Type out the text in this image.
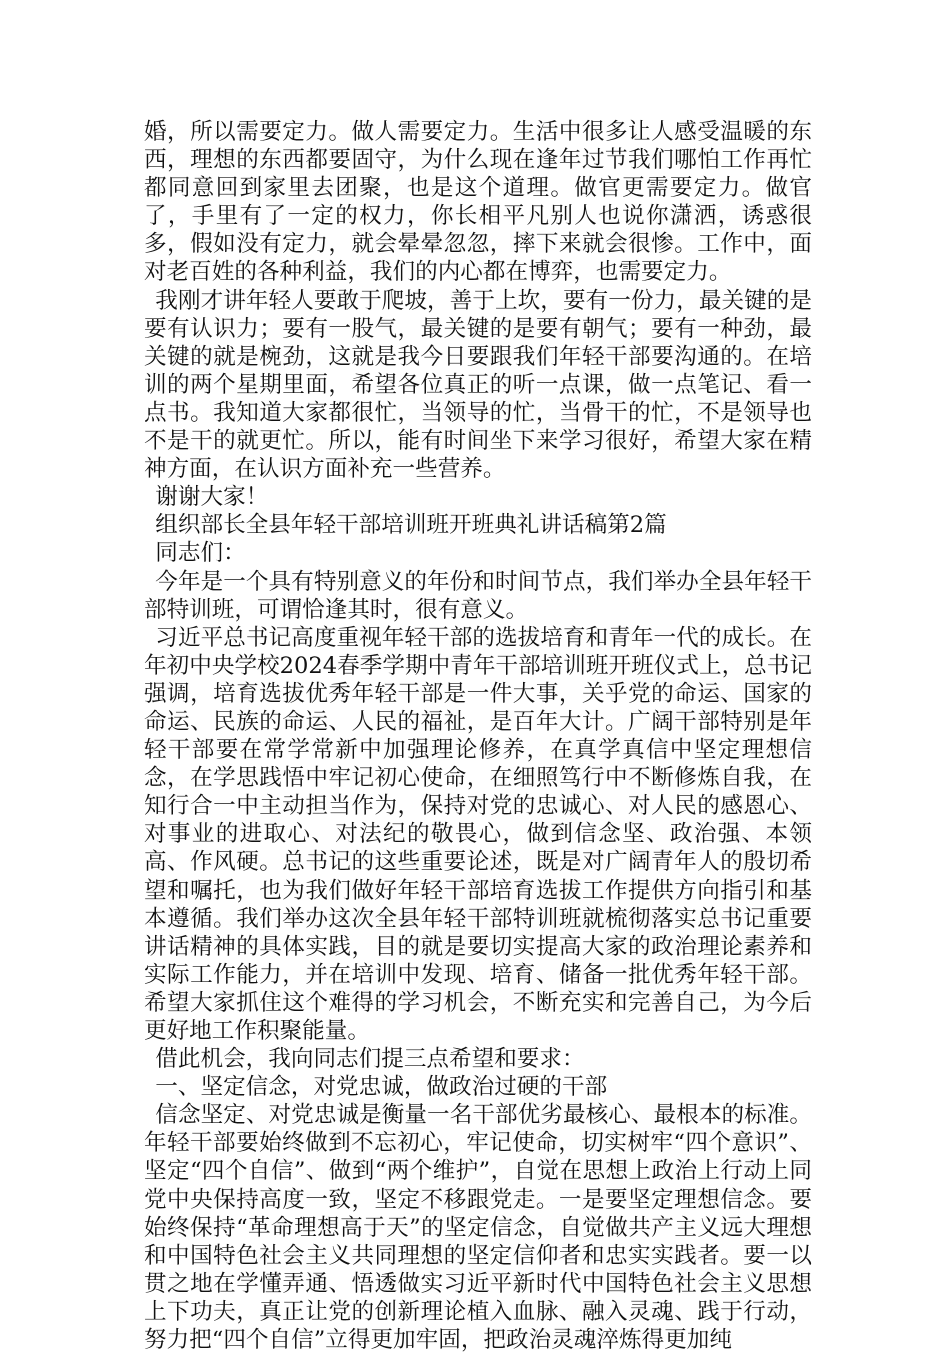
婚，所以需要定力。做人需要定力。生活中很多让人感受温暖的东西，理想的东西都要固守，为什么现在逢年过节我们哪怕工作再忙都同意回到家里去团聚，也是这个道理。做官更需要定力。做官了，手里有了一定的权力，你长相平凡别人也说你潇洒，诱惑很多，假如没有定力，就会晕晕忽忽，摔下来就会很惨。工作中，面对老百姓的各种利益，我们的内心都在博弈，也需要定力。

我刚才讲年轻人要敢于爬坡，善于上坎，要有一份力，最关键的是要有认识力；要有一股气，最关键的是要有朝气；要有一种劲，最关键的就是椀劲，这就是我今日要跟我们年轻干部要沟通的。在培训的两个星期里面，希望各位真正的听一点课，做一点笔记、看一点书。我知道大家都很忙，当领导的忙，当骨干的忙，不是领导也不是干的就更忙。所以，能有时间坐下来学习很好，希望大家在精神方面，在认识方面补充一些营养。

谢谢大家！

组织部长全县年轻干部培训班开班典礼讲话稿第2篇

同志们：

今年是一个具有特别意义的年份和时间节点，我们举办全县年轻干部特训班，可谓恰逢其时，很有意义。

习近平总书记高度重视年轻干部的选拔培育和青年一代的成长。在年初中央学校2024春季学期中青年干部培训班开班仪式上，总书记强调，培育选拔优秀年轻干部是一件大事，关乎党的命运、国家的命运、民族的命运、人民的福祉，是百年大计。广阔干部特别是年轻干部要在常学常新中加强理论修养，在真学真信中坚定理想信念，在学思践悟中牢记初心使命，在细照笃行中不断修炼自我，在知行合一中主动担当作为，保持对党的忠诚心、对人民的感恩心、对事业的进取心、对法纪的敬畏心，做到信念坚、政治强、本领高、作风硬。总书记的这些重要论述，既是对广阔青年人的殷切希望和嘱托，也为我们做好年轻干部培育选拔工作提供方向指引和基本遵循。我们举办这次全县年轻干部特训班就梳彻落实总书记重要讲话精神的具体实践，目的就是要切实提高大家的政治理论素养和实际工作能力，并在培训中发现、培育、储备一批优秀年轻干部。希望大家抓住这个难得的学习机会，不断充实和完善自己，为今后更好地工作积聚能量。

借此机会，我向同志们提三点希望和要求：

一、坚定信念，对党忠诚，做政治过硬的干部

信念坚定、对党忠诚是衡量一名干部优劣最核心、最根本的标准。年轻干部要始终做到不忘初心，牢记使命，切实树牢“四个意识”、坚定“四个自信”、做到“两个维护”，自觉在思想上政治上行动上同党中央保持高度一致，坚定不移跟党走。一是要坚定理想信念。要始终保持“革命理想高于天”的坚定信念，自觉做共产主义远大理想和中国特色社会主义共同理想的坚定信仰者和忠实实践者。要一以贯之地在学懂弄通、悟透做实习近平新时代中国特色社会主义思想上下功夫，真正让党的创新理论植入血脉、融入灵魂、践于行动，努力把“四个自信”立得更加牢固，把政治灵魂淬炼得更加纯
